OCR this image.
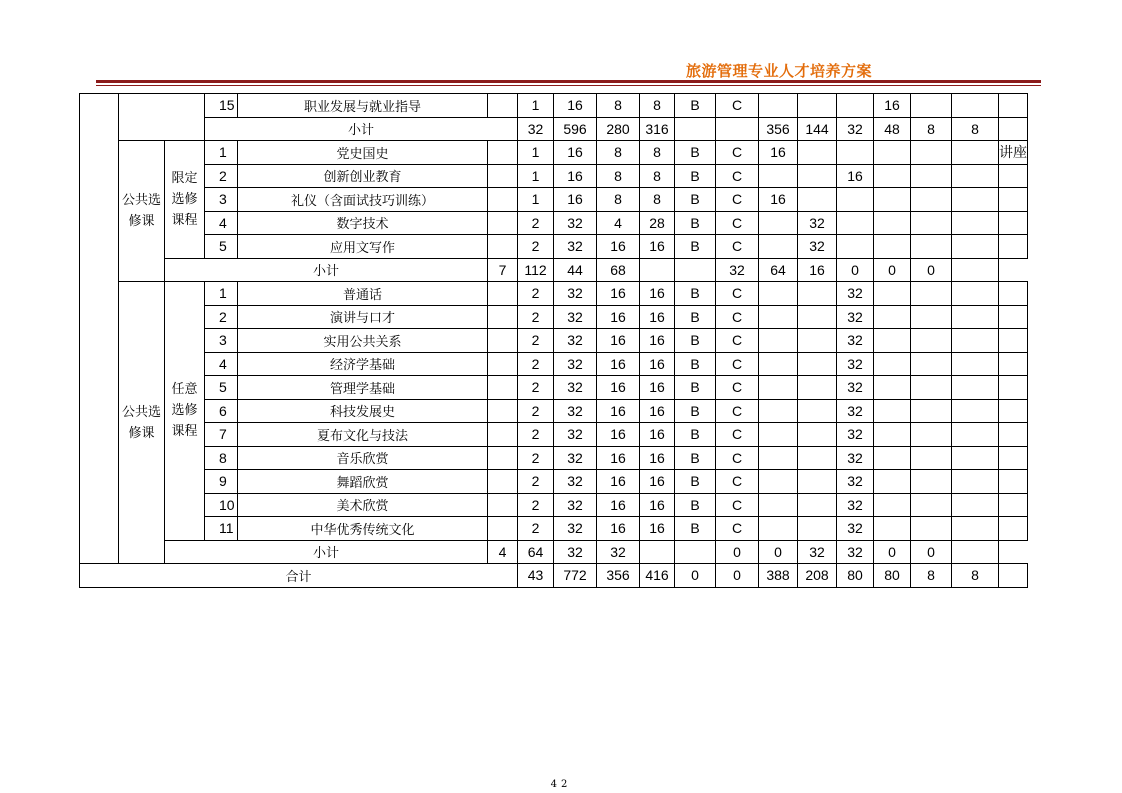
旅游管理专业人才培养方案
			15	职业发展与就业指导		1	16	8	8	B	C				16			
			小计			32	596	280	316			356	144	32	48	8	8	
	公共选修课	限定选修课程	1	党史国史		1	16	8	8	B	C	16						讲座
			2	创新创业教育		1	16	8	8	B	C			16				
			3	礼仪（含面试技巧训练）		1	16	8	8	B	C	16						
			4	数字技术		2	32	4	28	B	C		32					
			5	应用文写作		2	32	16	16	B	C		32					
		小计			7	112	44	68			32	64	16	0	0	0		
	公共选修课	任意选修课程	1	普通话		2	32	16	16	B	C			32				
			2	演讲与口才		2	32	16	16	B	C			32				
			3	实用公共关系		2	32	16	16	B	C			32				
			4	经济学基础		2	32	16	16	B	C			32				
			5	管理学基础		2	32	16	16	B	C			32				
			6	科技发展史		2	32	16	16	B	C			32				
			7	夏布文化与技法		2	32	16	16	B	C			32				
			8	音乐欣赏		2	32	16	16	B	C			32				
			9	舞蹈欣赏		2	32	16	16	B	C			32				
			10	美术欣赏		2	32	16	16	B	C			32				
			11	中华优秀传统文化		2	32	16	16	B	C			32				
		小计			4	64	32	32			0	0	32	32	0	0		
合计						43	772	356	416	0	0	388	208	80	80	8	8	
42
